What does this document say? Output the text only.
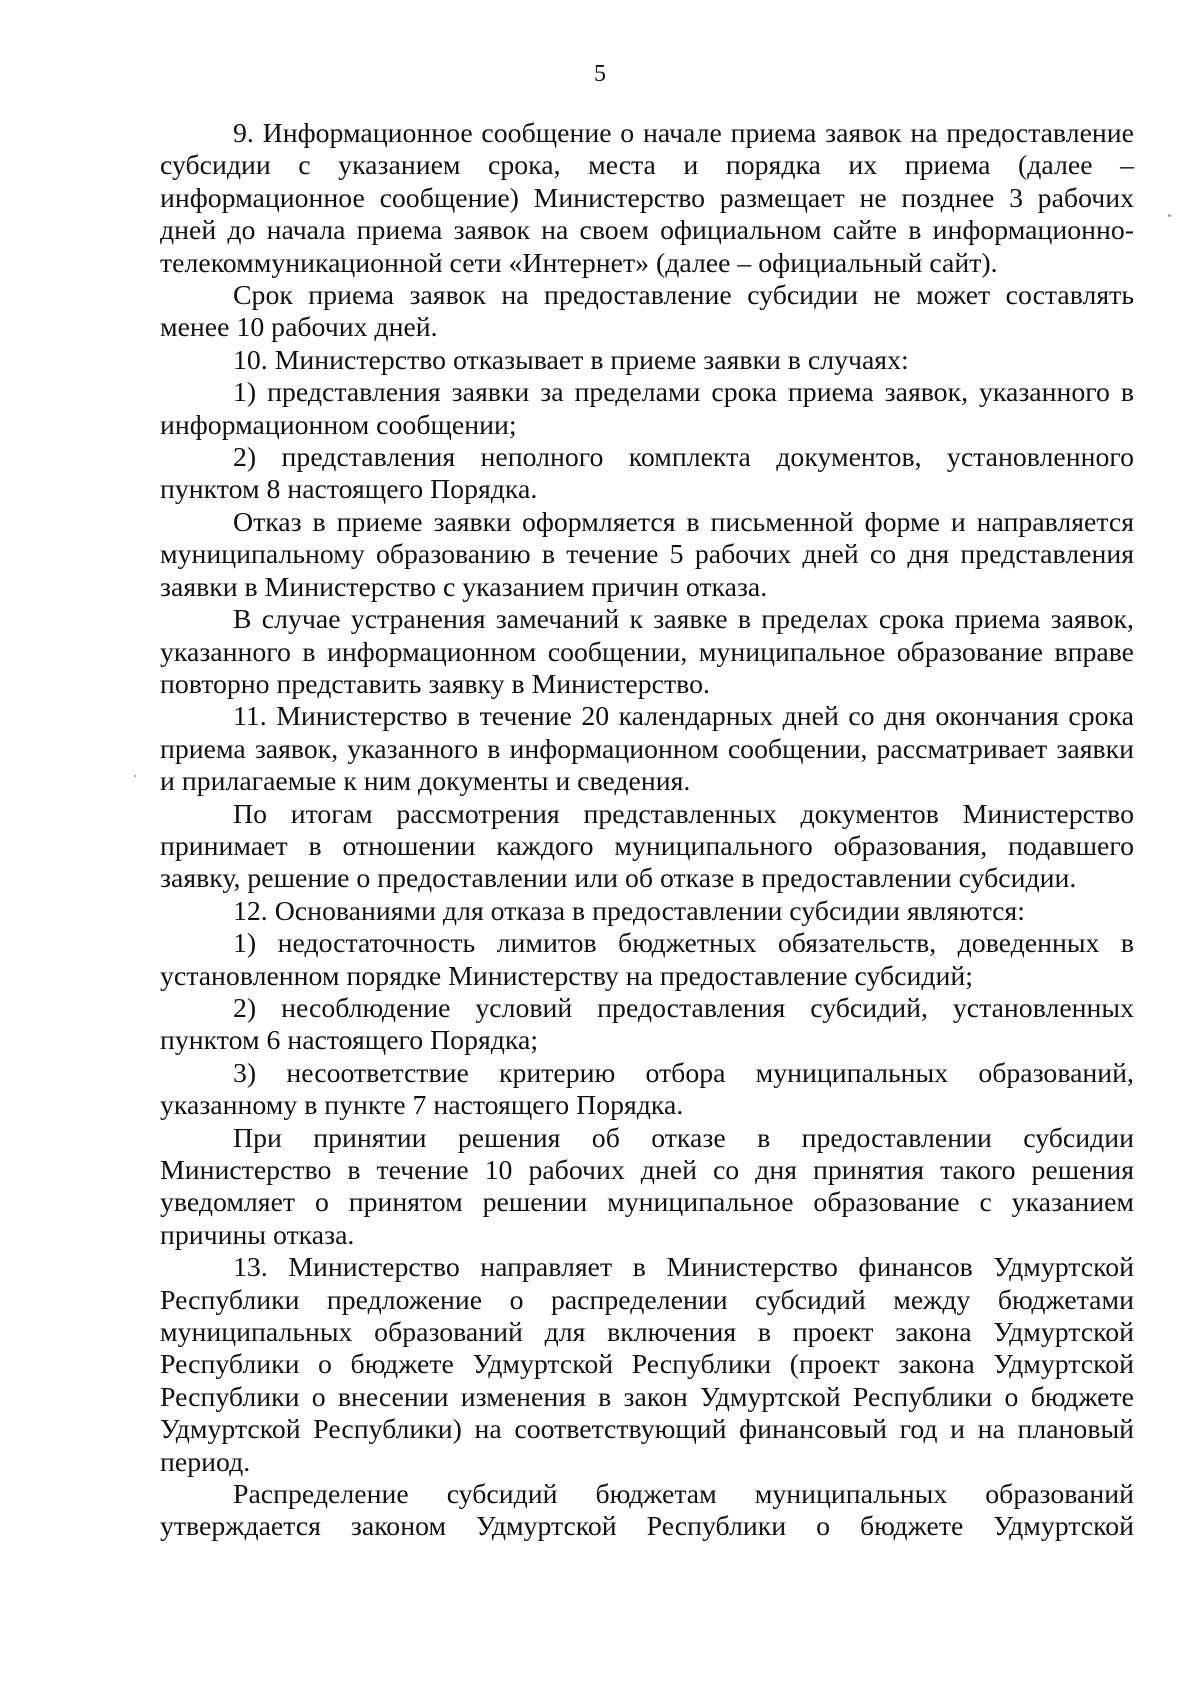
5

9. Информационное сообщение о начале приема заявок на предоставление субсидии с указанием срока, места и порядка их приема (далее – информационное сообщение) Министерство размещает не позднее 3 рабочих дней до начала приема заявок на своем официальном сайте в информационно-телекоммуникационной сети «Интернет» (далее – официальный сайт).

Срок приема заявок на предоставление субсидии не может составлять менее 10 рабочих дней.

10. Министерство отказывает в приеме заявки в случаях:

1) представления заявки за пределами срока приема заявок, указанного в информационном сообщении;

2) представления неполного комплекта документов, установленного пунктом 8 настоящего Порядка.

Отказ в приеме заявки оформляется в письменной форме и направляется муниципальному образованию в течение 5 рабочих дней со дня представления заявки в Министерство с указанием причин отказа.

В случае устранения замечаний к заявке в пределах срока приема заявок, указанного в информационном сообщении, муниципальное образование вправе повторно представить заявку в Министерство.

11. Министерство в течение 20 календарных дней со дня окончания срока приема заявок, указанного в информационном сообщении, рассматривает заявки и прилагаемые к ним документы и сведения.

По итогам рассмотрения представленных документов Министерство принимает в отношении каждого муниципального образования, подавшего заявку, решение о предоставлении или об отказе в предоставлении субсидии.

12. Основаниями для отказа в предоставлении субсидии являются:

1) недостаточность лимитов бюджетных обязательств, доведенных в установленном порядке Министерству на предоставление субсидий;

2) несоблюдение условий предоставления субсидий, установленных пунктом 6 настоящего Порядка;

3) несоответствие критерию отбора муниципальных образований, указанному в пункте 7 настоящего Порядка.

При принятии решения об отказе в предоставлении субсидии Министерство в течение 10 рабочих дней со дня принятия такого решения уведомляет о принятом решении муниципальное образование с указанием причины отказа.

13. Министерство направляет в Министерство финансов Удмуртской Республики предложение о распределении субсидий между бюджетами муниципальных образований для включения в проект закона Удмуртской Республики о бюджете Удмуртской Республики (проект закона Удмуртской Республики о внесении изменения в закон Удмуртской Республики о бюджете Удмуртской Республики) на соответствующий финансовый год и на плановый период.

Распределение субсидий бюджетам муниципальных образований утверждается законом Удмуртской Республики о бюджете Удмуртской
